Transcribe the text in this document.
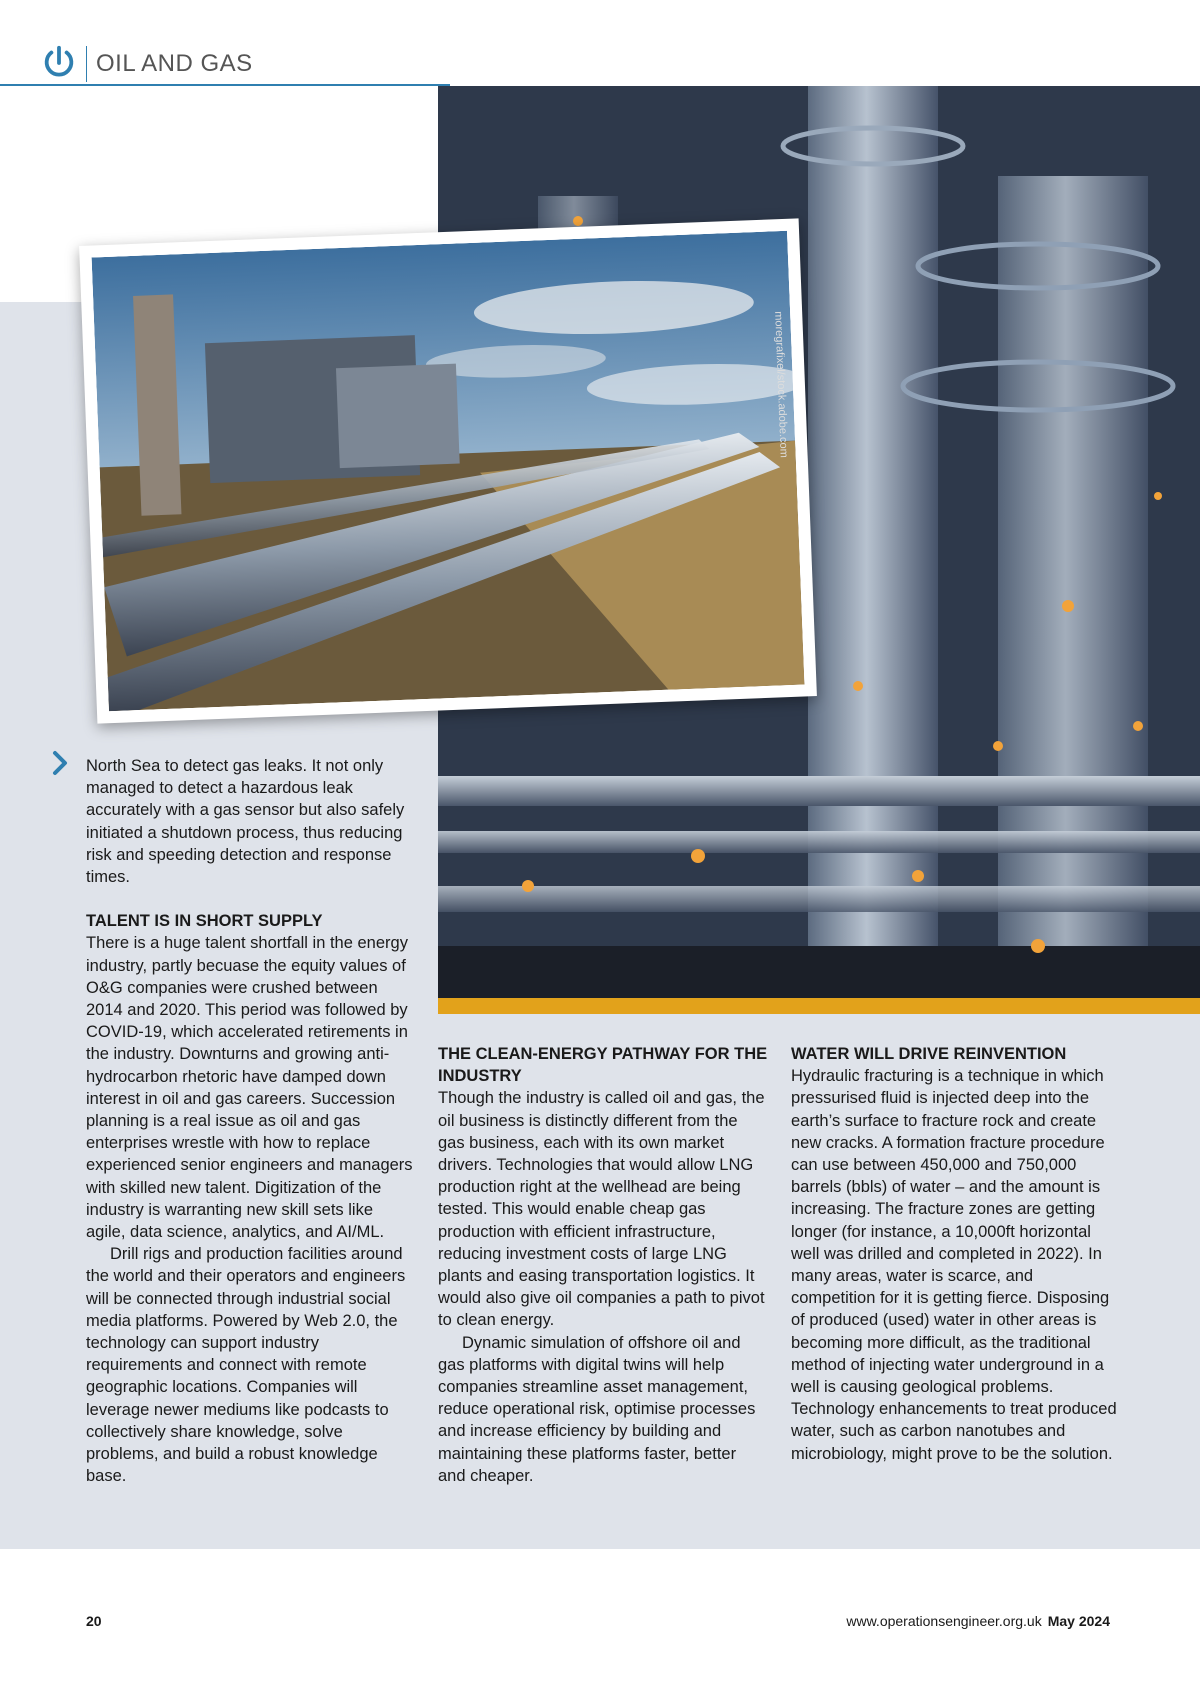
OIL AND GAS
moregrafixel/stock.adobe.com

North Sea to detect gas leaks. It not only managed to detect a hazardous leak accurately with a gas sensor but also safely initiated a shutdown process, thus reducing risk and speeding detection and response times.

TALENT IS IN SHORT SUPPLY

There is a huge talent shortfall in the energy industry, partly becuase the equity values of O&G companies were crushed between 2014 and 2020. This period was followed by COVID-19, which accelerated retirements in the industry. Downturns and growing anti-hydrocarbon rhetoric have damped down interest in oil and gas careers. Succession planning is a real issue as oil and gas enterprises wrestle with how to replace experienced senior engineers and managers with skilled new talent. Digitization of the industry is warranting new skill sets like agile, data science, analytics, and AI/ML.

Drill rigs and production facilities around the world and their operators and engineers will be connected through industrial social media platforms. Powered by Web 2.0, the technology can support industry requirements and connect with remote geographic locations. Companies will leverage newer mediums like podcasts to collectively share knowledge, solve problems, and build a robust knowledge base.

THE CLEAN-ENERGY PATHWAY FOR THE INDUSTRY

Though the industry is called oil and gas, the oil business is distinctly different from the gas business, each with its own market drivers. Technologies that would allow LNG production right at the wellhead are being tested. This would enable cheap gas production with efficient infrastructure, reducing investment costs of large LNG plants and easing transportation logistics. It would also give oil companies a path to pivot to clean energy.

Dynamic simulation of offshore oil and gas platforms with digital twins will help companies streamline asset management, reduce operational risk, optimise processes and increase efficiency by building and maintaining these platforms faster, better and cheaper.

WATER WILL DRIVE REINVENTION

Hydraulic fracturing is a technique in which pressurised fluid is injected deep into the earth’s surface to fracture rock and create new cracks. A formation fracture procedure can use between 450,000 and 750,000 barrels (bbls) of water – and the amount is increasing. The fracture zones are getting longer (for instance, a 10,000ft horizontal well was drilled and completed in 2022). In many areas, water is scarce, and competition for it is getting fierce. Disposing of produced (used) water in other areas is becoming more difficult, as the traditional method of injecting water underground in a well is causing geological problems. Technology enhancements to treat produced water, such as carbon nanotubes and microbiology, might prove to be the solution.

20	www.operationsengineer.org.uk May 2024
